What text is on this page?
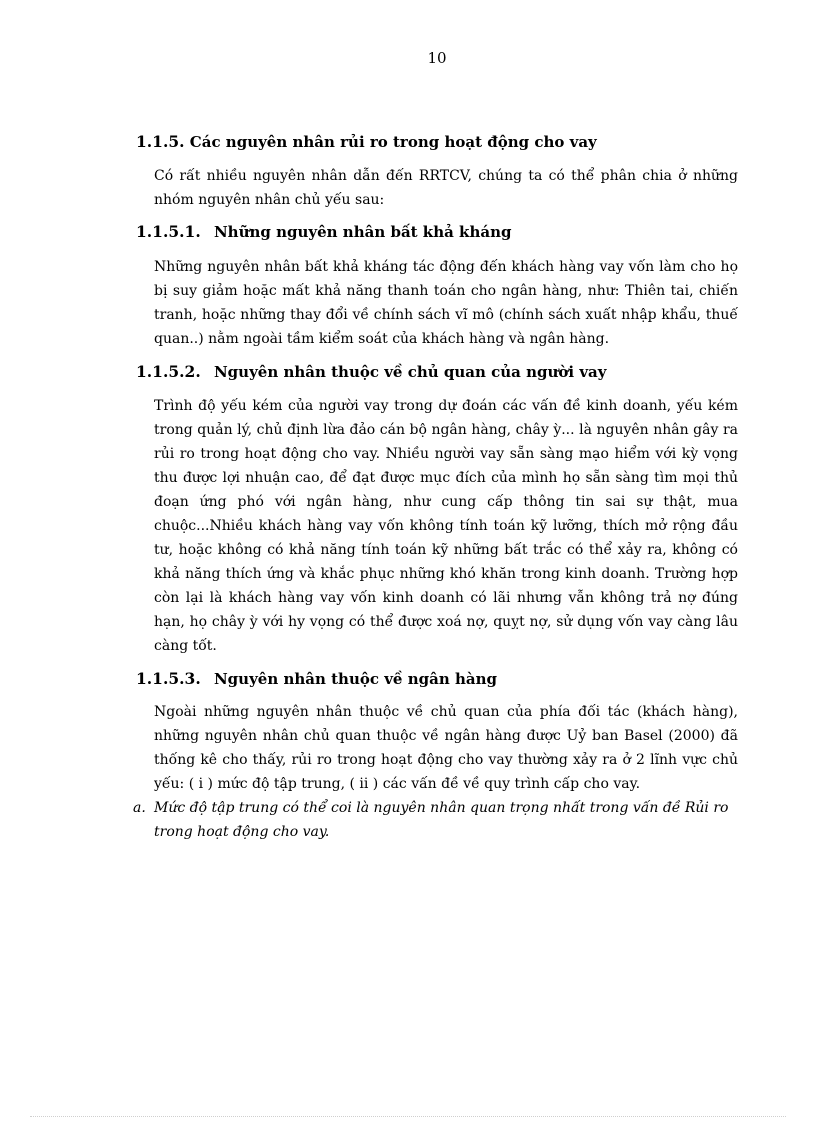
10

1.1.5. Các nguyên nhân rủi ro trong hoạt động cho vay

Có rất nhiều nguyên nhân dẫn đến RRTCV, chúng ta có thể phân chia ở những nhóm nguyên nhân chủ yếu sau:

1.1.5.1. Những nguyên nhân bất khả kháng

Những nguyên nhân bất khả kháng tác động đến khách hàng vay vốn làm cho họ bị suy giảm hoặc mất khả năng thanh toán cho ngân hàng, như: Thiên tai, chiến tranh, hoặc những thay đổi về chính sách vĩ mô (chính sách xuất nhập khẩu, thuế quan..) nằm ngoài tầm kiểm soát của khách hàng và ngân hàng.

1.1.5.2. Nguyên nhân thuộc về chủ quan của người vay

Trình độ yếu kém của người vay trong dự đoán các vấn đề kinh doanh, yếu kém trong quản lý, chủ định lừa đảo cán bộ ngân hàng, chây ỳ... là nguyên nhân gây ra rủi ro trong hoạt động cho vay. Nhiều người vay sẵn sàng mạo hiểm với kỳ vọng thu được lợi nhuận cao, để đạt được mục đích của mình họ sẵn sàng tìm mọi thủ đoạn ứng phó với ngân hàng, như cung cấp thông tin sai sự thật, mua chuộc...Nhiều khách hàng vay vốn không tính toán kỹ lưỡng, thích mở rộng đầu tư, hoặc không có khả năng tính toán kỹ những bất trắc có thể xảy ra, không có khả năng thích ứng và khắc phục những khó khăn trong kinh doanh. Trường hợp còn lại là khách hàng vay vốn kinh doanh có lãi nhưng vẫn không trả nợ đúng hạn, họ chây ỳ với hy vọng có thể được xoá nợ, quỵt nợ, sử dụng vốn vay càng lâu càng tốt.

1.1.5.3. Nguyên nhân thuộc về ngân hàng

Ngoài những nguyên nhân thuộc về chủ quan của phía đối tác (khách hàng), những nguyên nhân chủ quan thuộc về ngân hàng được Uỷ ban Basel (2000) đã thống kê cho thấy, rủi ro trong hoạt động cho vay thường xảy ra ở 2 lĩnh vực chủ yếu: ( i ) mức độ tập trung, ( ii ) các vấn đề về quy trình cấp cho vay.

a. Mức độ tập trung có thể coi là nguyên nhân quan trọng nhất trong vấn đề Rủi ro trong hoạt động cho vay.
